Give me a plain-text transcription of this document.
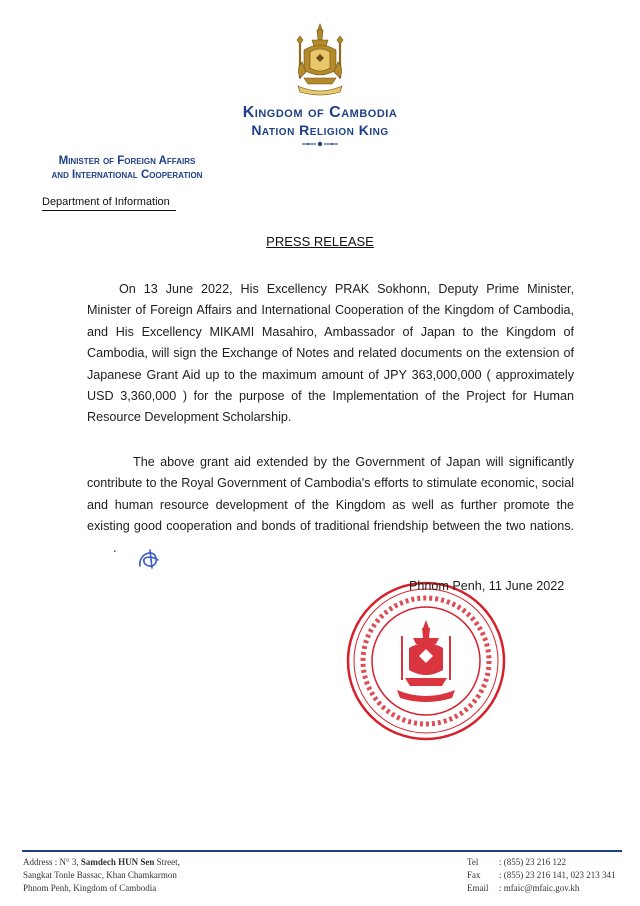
Kingdom of Cambodia
Nation Religion King
Minister of Foreign Affairs
and International Cooperation
Department of Information
PRESS RELEASE
On 13 June 2022, His Excellency PRAK Sokhonn, Deputy Prime Minister, Minister of Foreign Affairs and International Cooperation of the Kingdom of Cambodia, and His Excellency MIKAMI Masahiro, Ambassador of Japan to the Kingdom of Cambodia, will sign the Exchange of Notes and related documents on the extension of Japanese Grant Aid up to the maximum amount of JPY 363,000,000 ( approximately USD 3,360,000 ) for the purpose of the Implementation of the Project for Human Resource Development Scholarship.
The above grant aid extended by the Government of Japan will significantly contribute to the Royal Government of Cambodia's efforts to stimulate economic, social and human resource development of the Kingdom as well as further promote the existing good cooperation and bonds of traditional friendship between the two nations..
Phnom Penh, 11 June 2022
Address : N° 3, Samdech HUN Sen Street,
Sangkat Tonle Bassac, Khan Chamkarmon
Phnom Penh, Kingdom of Cambodia
Tel : (855) 23 216 122
Fax : (855) 23 216 141, 023 213 341
Email : mfaic@mfaic.gov.kh
